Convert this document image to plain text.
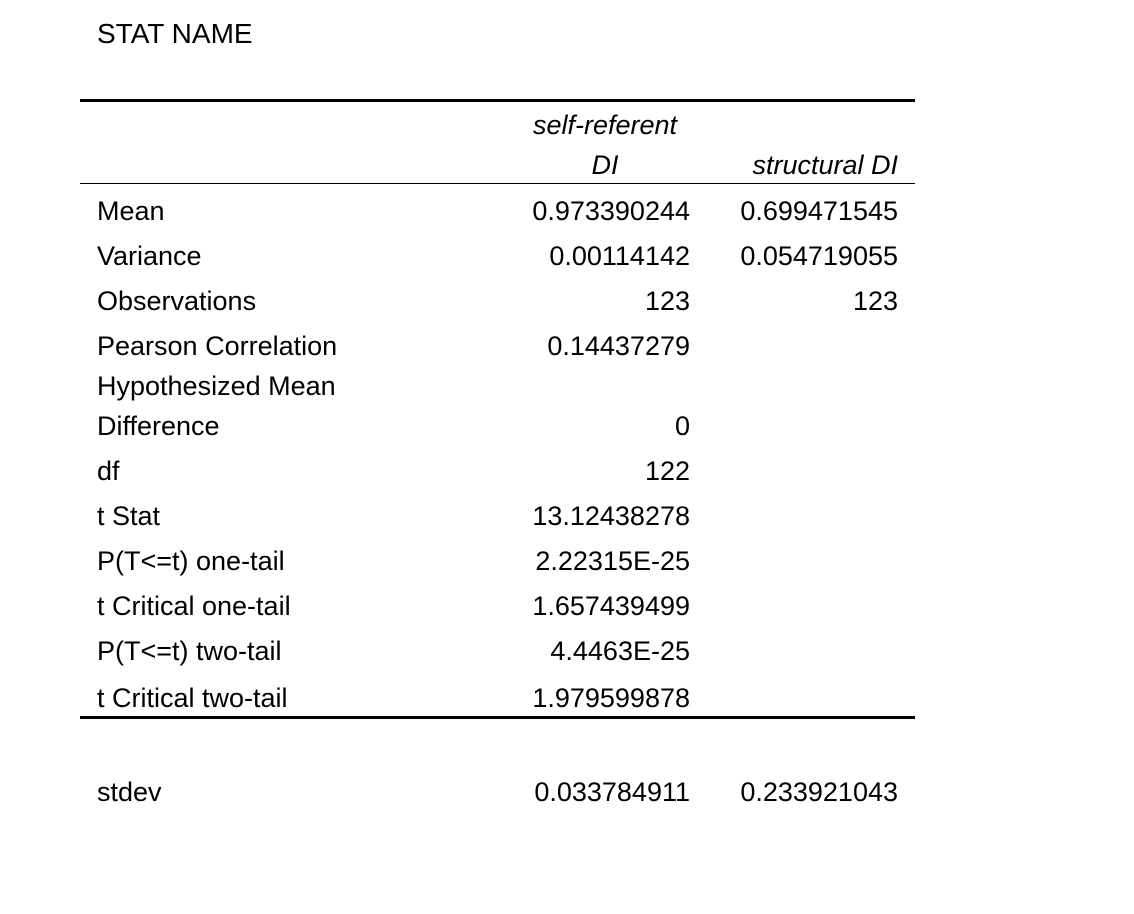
STAT NAME
self-referent
DI	structural DI
Mean	0.973390244 0.699471545
Variance	0.00114142 0.054719055
Observations	123	123
Pearson Correlation	0.14437279
Hypothesized Mean
Difference	0
df	122
t Stat	13.12438278
P(T<=t) one-tail	2.22315E-25
t Critical one-tail	1.657439499
P(T<=t) two-tail	4.4463E-25
t Critical two-tail	1.979599878
stdev	0.033784911 0.233921043
